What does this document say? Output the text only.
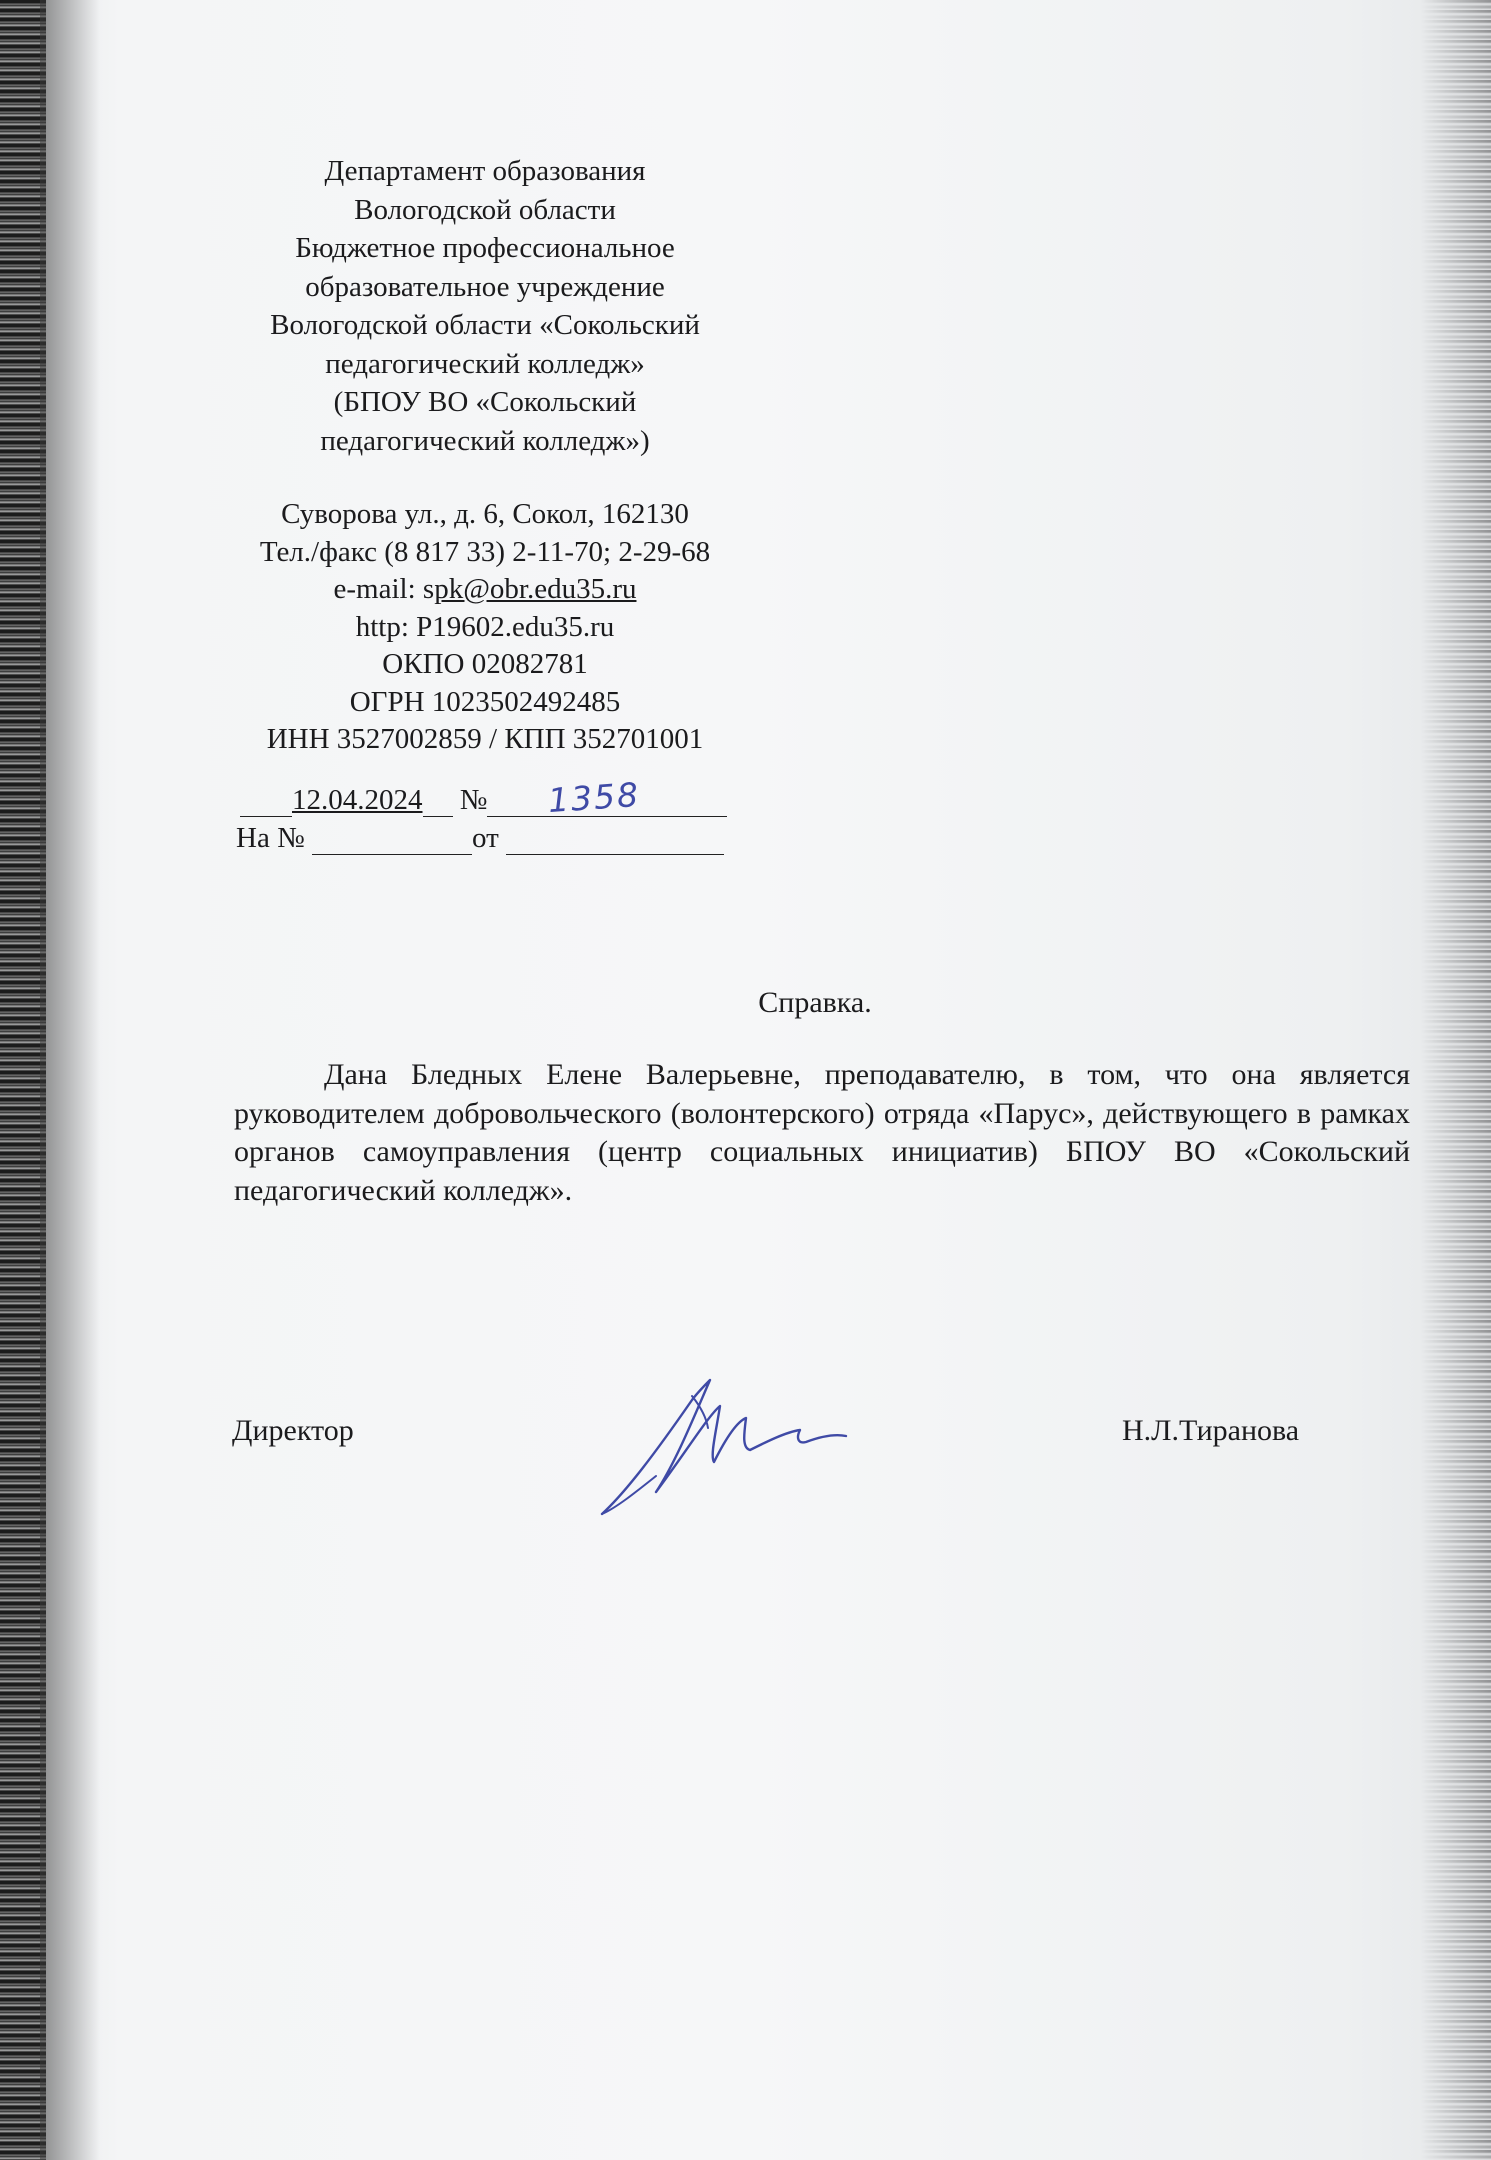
Департамент образования
Вологодской области
Бюджетное профессиональное
образовательное учреждение
Вологодской области «Сокольский
педагогический колледж»
(БПОУ ВО «Сокольский
педагогический колледж»)
Суворова ул., д. 6, Сокол, 162130
Тел./факс (8 817 33) 2-11-70; 2-29-68
e-mail: spk@obr.edu35.ru
http: P19602.edu35.ru
ОКПО 02082781
ОГРН 1023502492485
ИНН 3527002859 / КПП 352701001
12.04.2024 №	1358
На №	от
Справка.
Дана Бледных Елене Валерьевне, преподавателю, в том, что она является руководителем добровольческого (волонтерского) отряда «Парус», действующего в рамках органов самоуправления (центр социальных инициатив) БПОУ ВО «Сокольский педагогический колледж».
Директор	Н.Л.Тиранова
